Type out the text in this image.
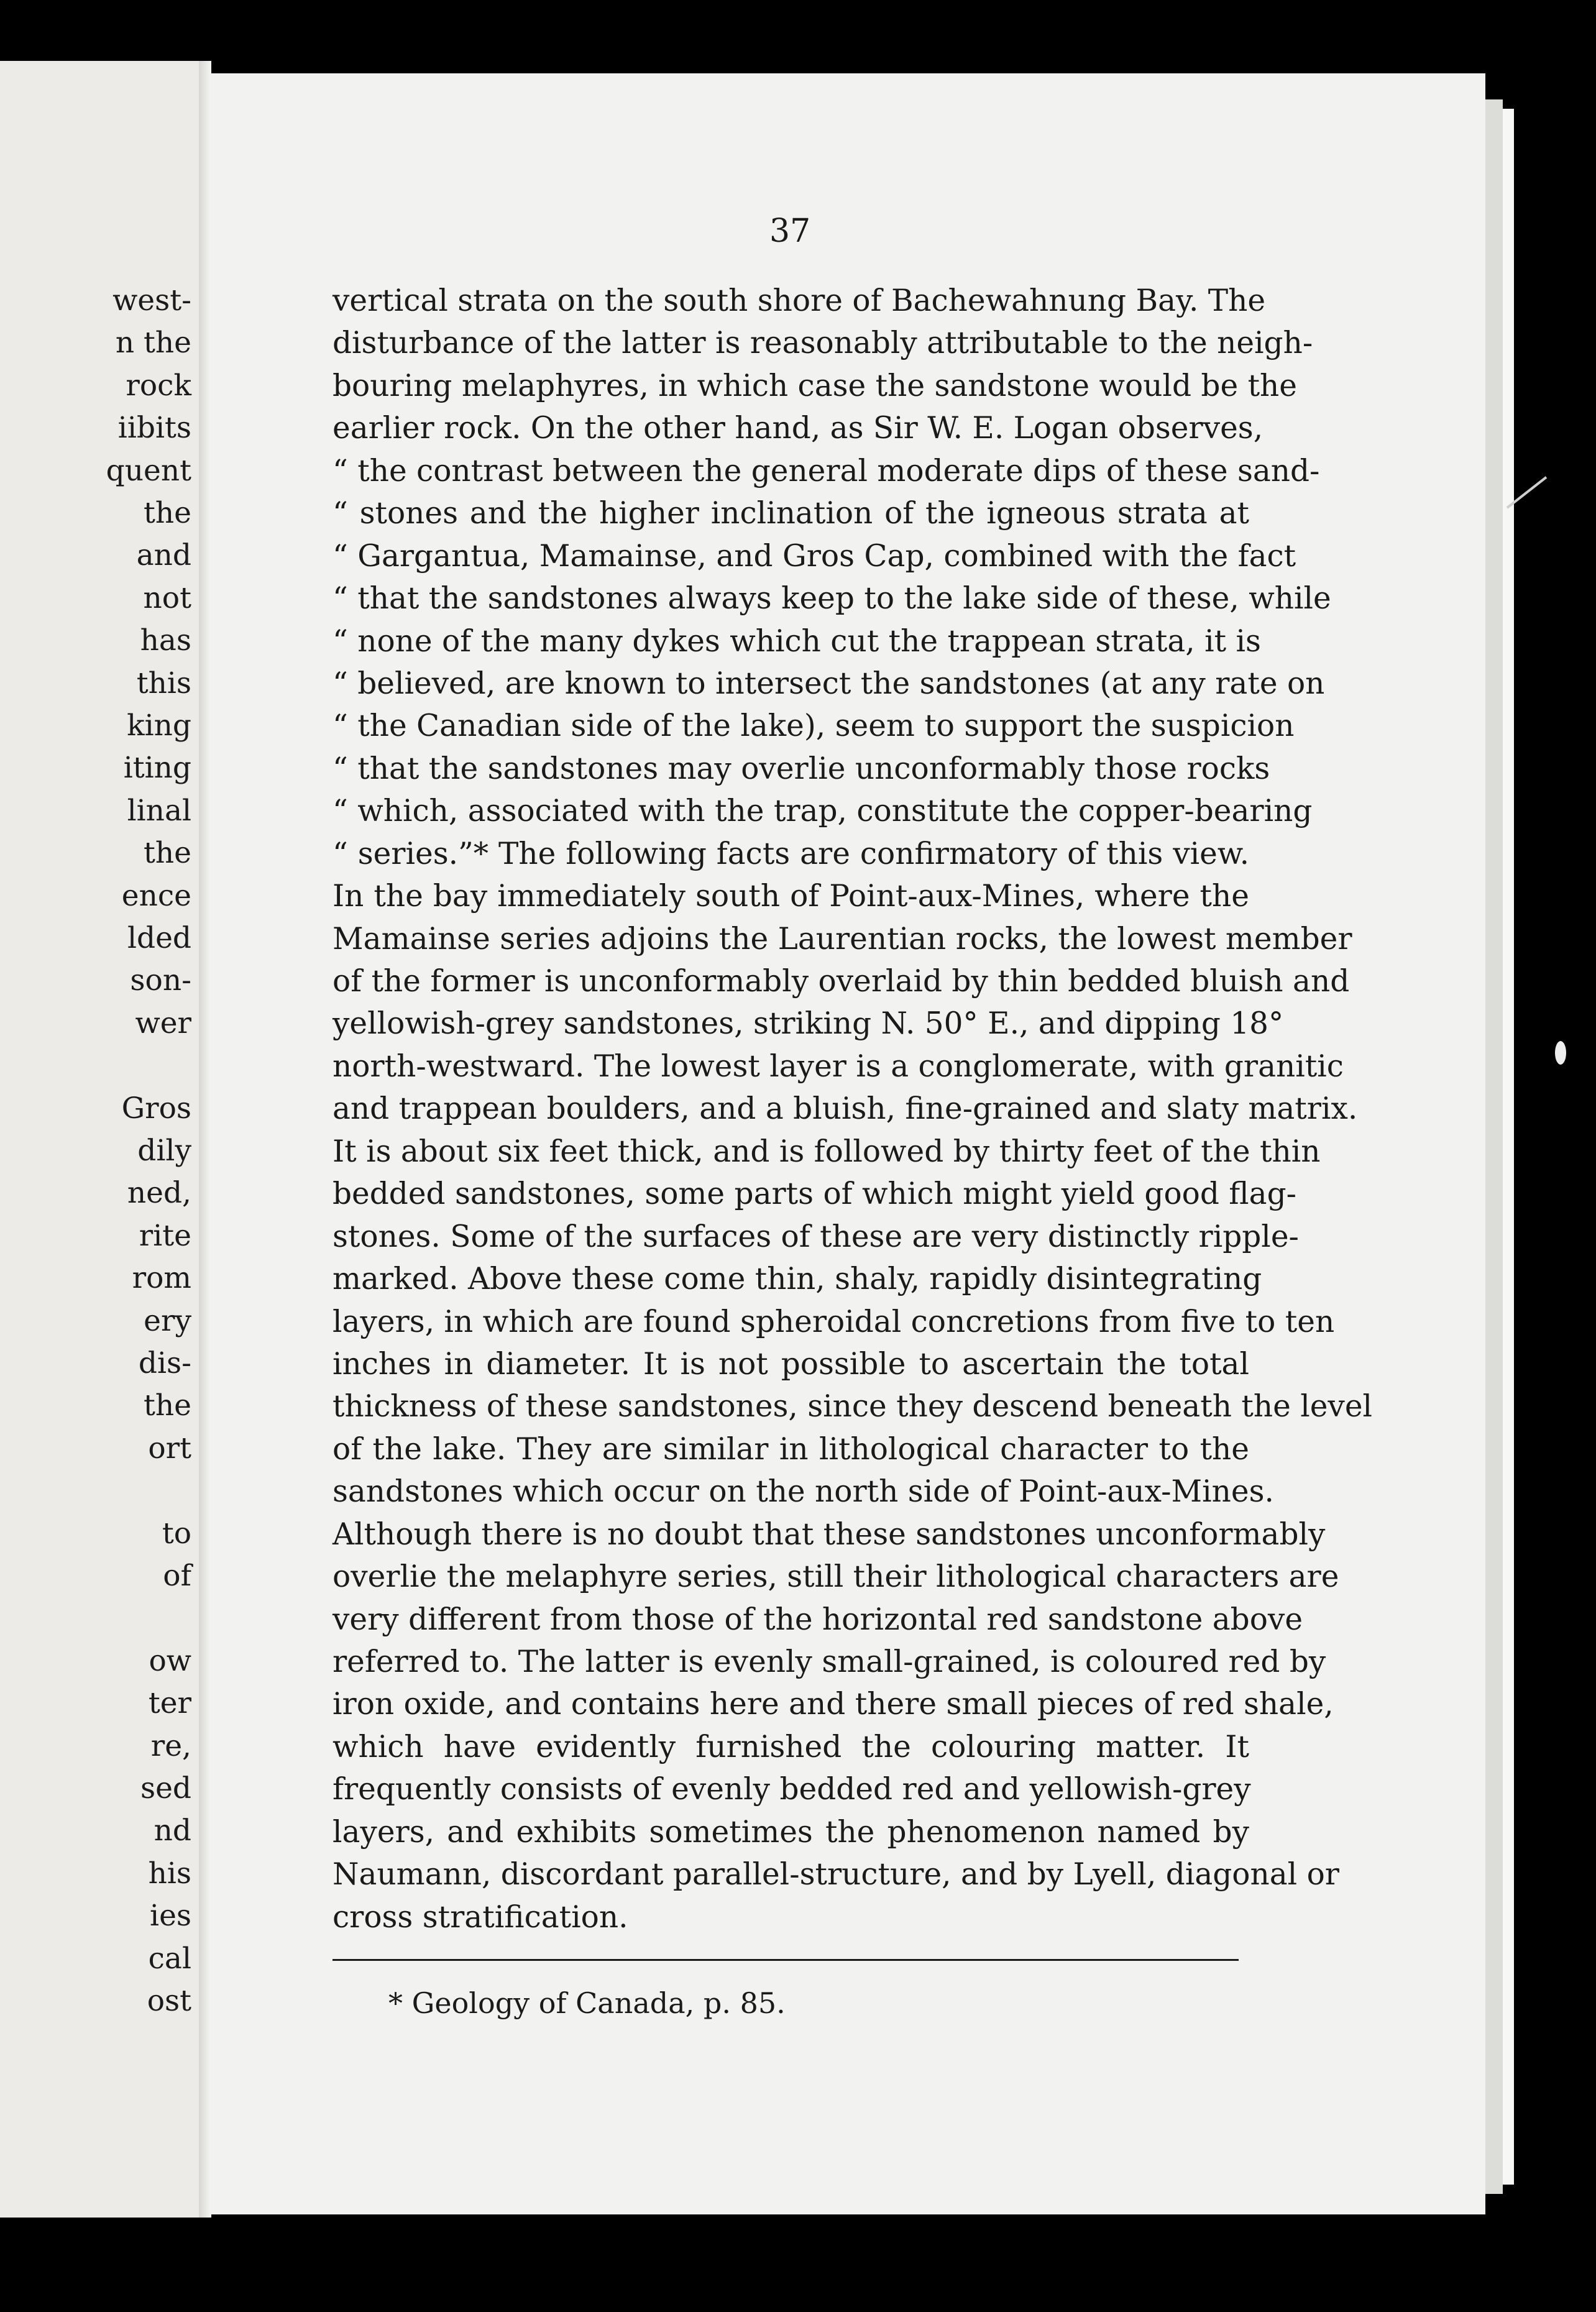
west-
n the
rock
iibits
quent
the
and
not
has
this
king
iting
linal
the
ence
lded
son-
wer
Gros
dily
ned,
rite
rom
ery
dis-
the
ort
to
of
ow
ter
re,
sed
nd
his
ies
cal
ost
37
vertical strata on the south shore of Bachewahnung Bay. The
disturbance of the latter is reasonably attributable to the neigh-
bouring melaphyres, in which case the sandstone would be the
earlier rock. On the other hand, as Sir W. E. Logan observes,
“ the contrast between the general moderate dips of these sand-
“ stones and the higher inclination of the igneous strata at
“ Gargantua, Mamainse, and Gros Cap, combined with the fact
“ that the sandstones always keep to the lake side of these, while
“ none of the many dykes which cut the trappean strata, it is
“ believed, are known to intersect the sandstones (at any rate on
“ the Canadian side of the lake), seem to support the suspicion
“ that the sandstones may overlie unconformably those rocks
“ which, associated with the trap, constitute the copper-bearing
“ series.”* The following facts are confirmatory of this view.
In the bay immediately south of Point-aux-Mines, where the
Mamainse series adjoins the Laurentian rocks, the lowest member
of the former is unconformably overlaid by thin bedded bluish and
yellowish-grey sandstones, striking N. 50° E., and dipping 18°
north-westward. The lowest layer is a conglomerate, with granitic
and trappean boulders, and a bluish, fine-grained and slaty matrix.
It is about six feet thick, and is followed by thirty feet of the thin
bedded sandstones, some parts of which might yield good flag-
stones. Some of the surfaces of these are very distinctly ripple-
marked. Above these come thin, shaly, rapidly disintegrating
layers, in which are found spheroidal concretions from five to ten
inches in diameter. It is not possible to ascertain the total
thickness of these sandstones, since they descend beneath the level
of the lake. They are similar in lithological character to the
sandstones which occur on the north side of Point-aux-Mines.
Although there is no doubt that these sandstones unconformably
overlie the melaphyre series, still their lithological characters are
very different from those of the horizontal red sandstone above
referred to. The latter is evenly small-grained, is coloured red by
iron oxide, and contains here and there small pieces of red shale,
which have evidently furnished the colouring matter. It
frequently consists of evenly bedded red and yellowish-grey
layers, and exhibits sometimes the phenomenon named by
Naumann, discordant parallel-structure, and by Lyell, diagonal or
cross stratification.
* Geology of Canada, p. 85.
